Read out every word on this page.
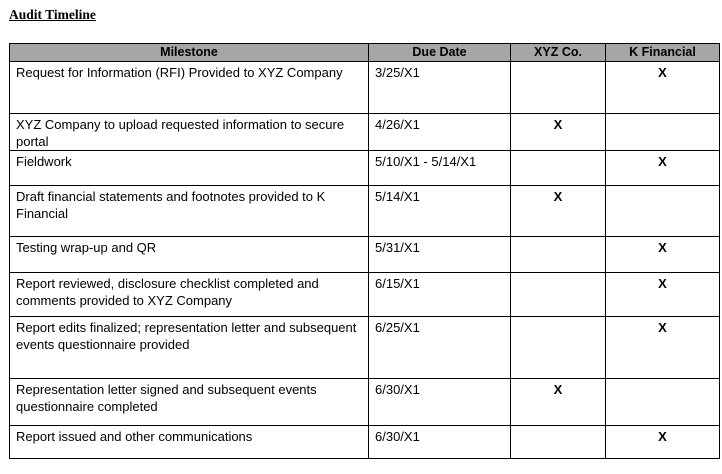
Audit Timeline
Milestone	Due Date	XYZ Co.	K Financial

Request for Information (RFI) Provided to XYZ Company	3/25/X1		X

XYZ Company to upload requested information to secure portal	4/26/X1	X	

Fieldwork	5/10/X1 - 5/14/X1		X

Draft financial statements and footnotes provided to K Financial	5/14/X1	X	

Testing wrap-up and QR	5/31/X1		X

Report reviewed, disclosure checklist completed and comments provided to XYZ Company	6/15/X1		X

Report edits finalized; representation letter and subsequent events questionnaire provided	6/25/X1		X

Representation letter signed and subsequent events questionnaire completed	6/30/X1	X	

Report issued and other communications	6/30/X1		X
